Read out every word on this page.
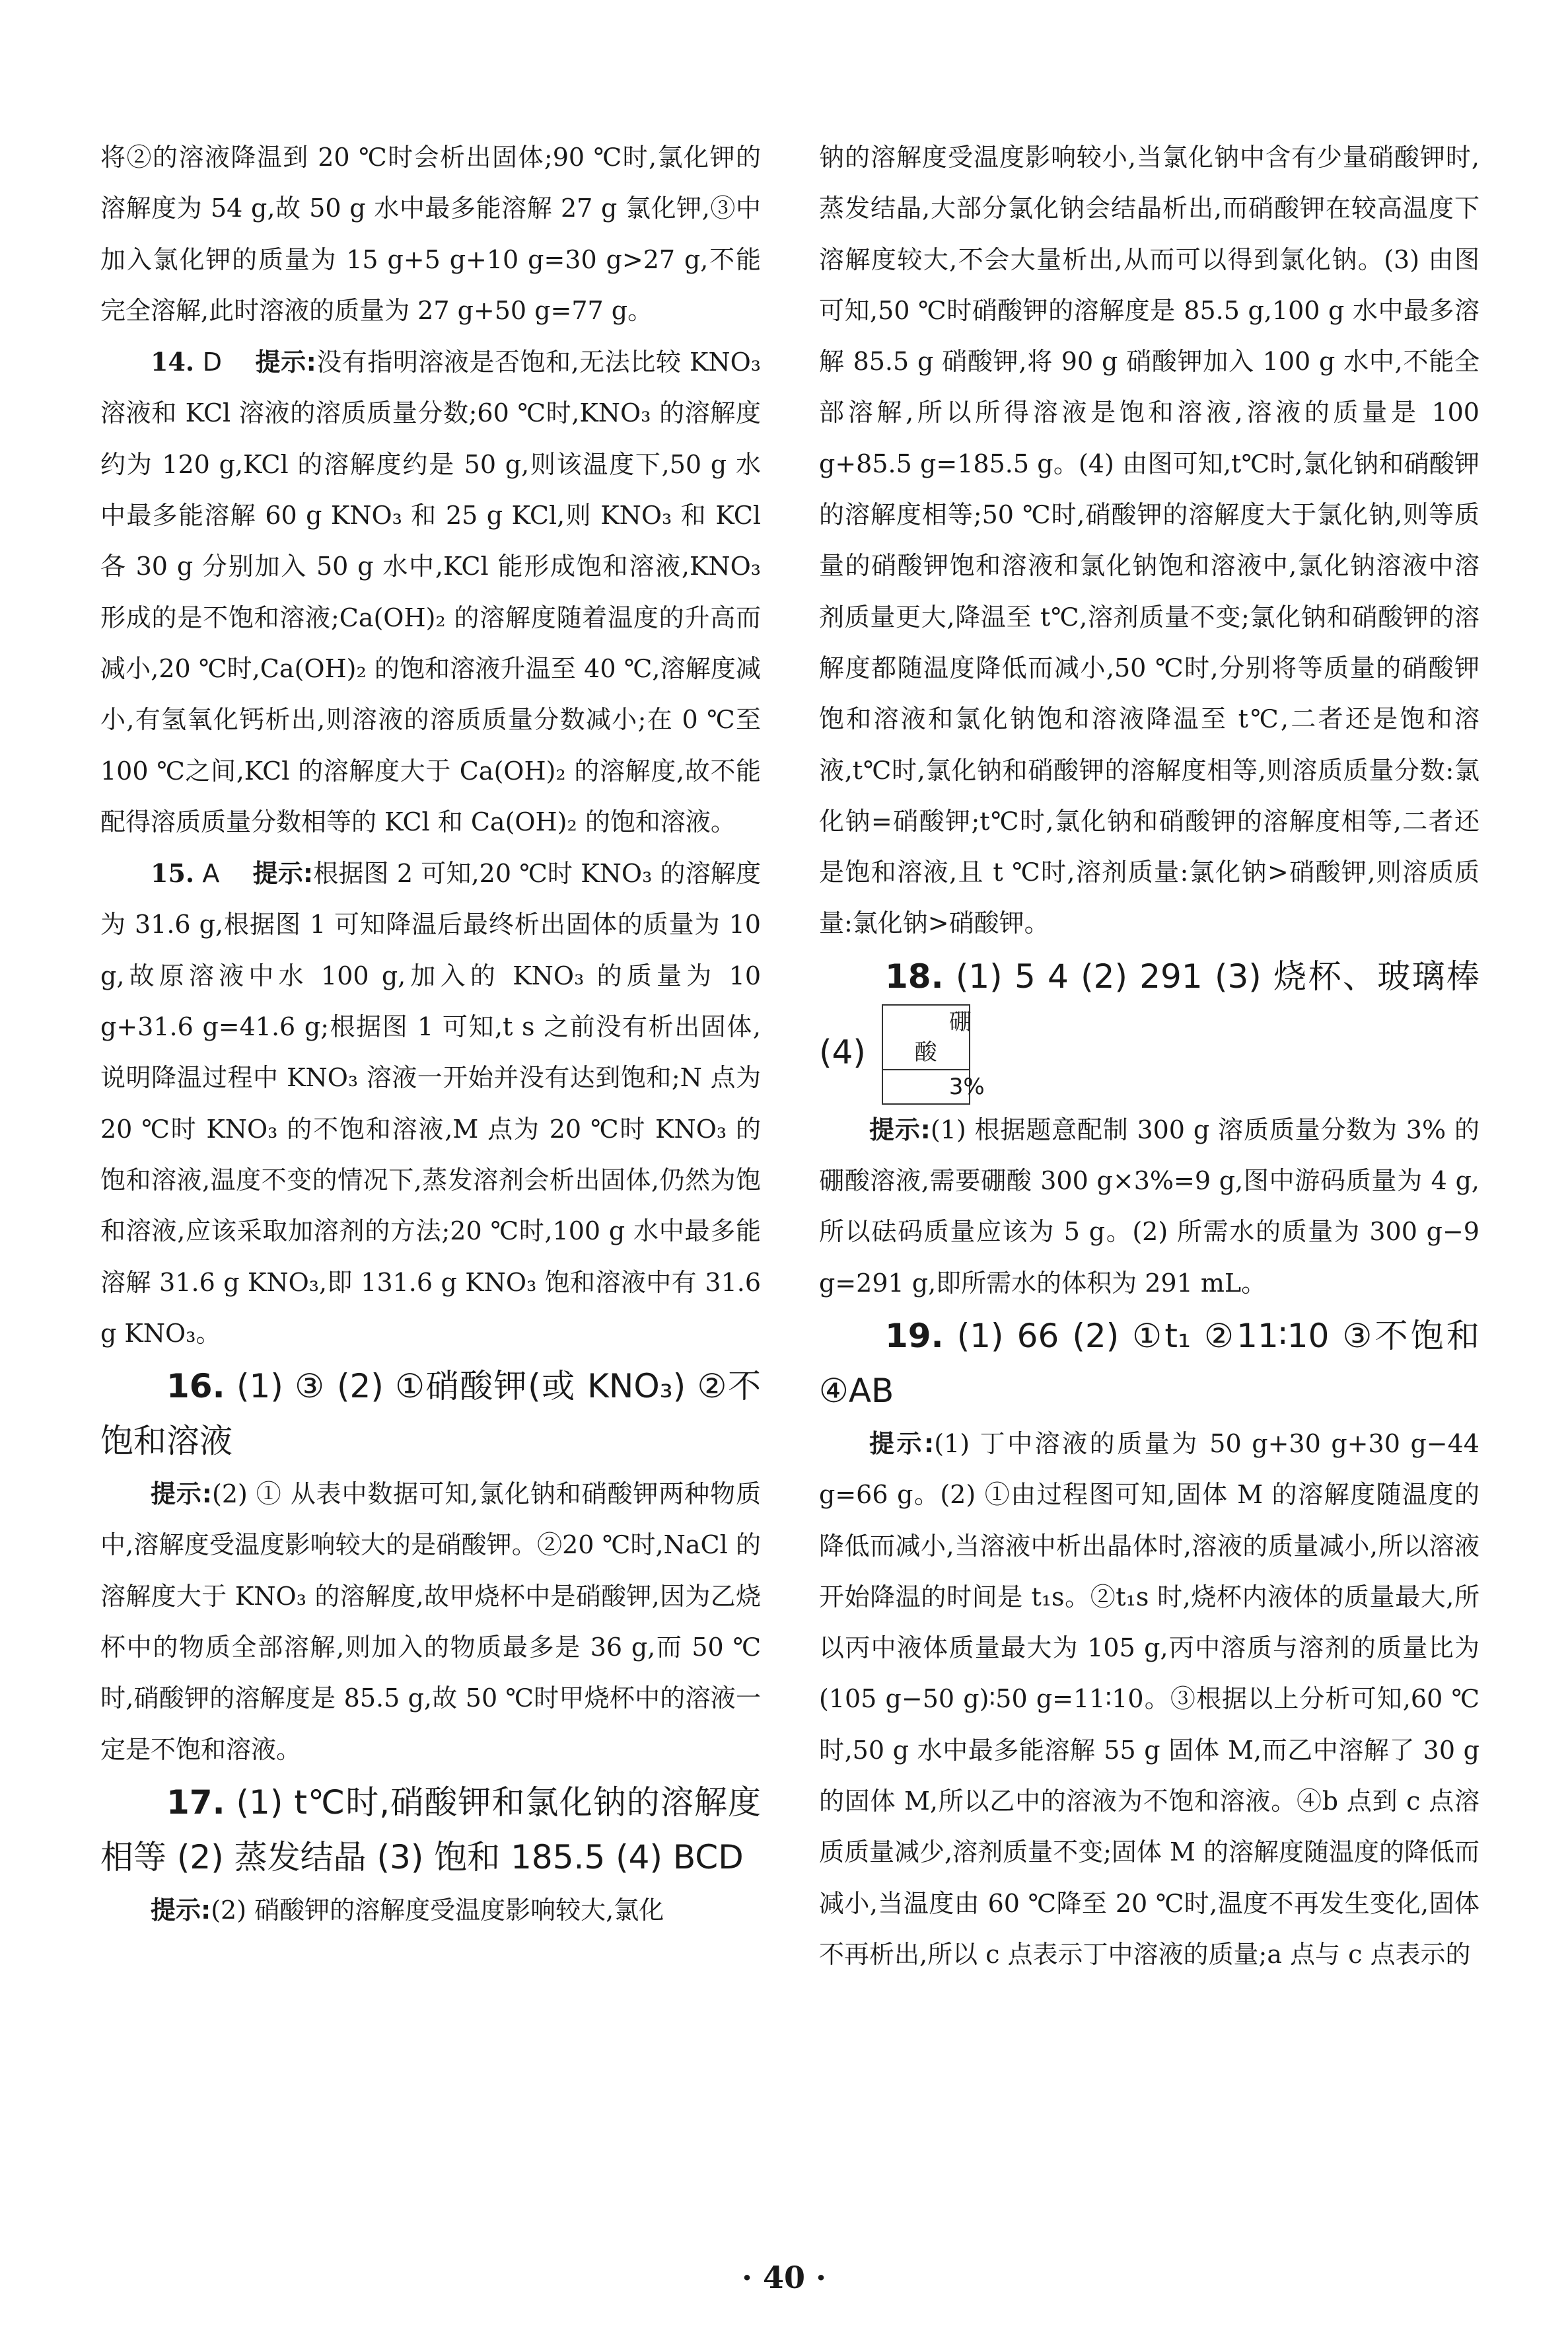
将②的溶液降温到 20 ℃时会析出固体;90 ℃时,氯化钾的溶解度为 54 g,故 50 g 水中最多能溶解 27 g 氯化钾,③中加入氯化钾的质量为 15 g+5 g+10 g=30 g>27 g,不能完全溶解,此时溶液的质量为 27 g+50 g=77 g。

14. D 提示:没有指明溶液是否饱和,无法比较 KNO₃ 溶液和 KCl 溶液的溶质质量分数;60 ℃时,KNO₃ 的溶解度约为 120 g,KCl 的溶解度约是 50 g,则该温度下,50 g 水中最多能溶解 60 g KNO₃ 和 25 g KCl,则 KNO₃ 和 KCl 各 30 g 分别加入 50 g 水中,KCl 能形成饱和溶液,KNO₃ 形成的是不饱和溶液;Ca(OH)₂ 的溶解度随着温度的升高而减小,20 ℃时,Ca(OH)₂ 的饱和溶液升温至 40 ℃,溶解度减小,有氢氧化钙析出,则溶液的溶质质量分数减小;在 0 ℃至 100 ℃之间,KCl 的溶解度大于 Ca(OH)₂ 的溶解度,故不能配得溶质质量分数相等的 KCl 和 Ca(OH)₂ 的饱和溶液。

15. A 提示:根据图 2 可知,20 ℃时 KNO₃ 的溶解度为 31.6 g,根据图 1 可知降温后最终析出固体的质量为 10 g,故原溶液中水 100 g,加入的 KNO₃ 的质量为 10 g+31.6 g=41.6 g;根据图 1 可知,t s 之前没有析出固体,说明降温过程中 KNO₃ 溶液一开始并没有达到饱和;N 点为 20 ℃时 KNO₃ 的不饱和溶液,M 点为 20 ℃时 KNO₃ 的饱和溶液,温度不变的情况下,蒸发溶剂会析出固体,仍然为饱和溶液,应该采取加溶剂的方法;20 ℃时,100 g 水中最多能溶解 31.6 g KNO₃,即 131.6 g KNO₃ 饱和溶液中有 31.6 g KNO₃。

16. (1) ③ (2) ①硝酸钾(或 KNO₃) ②不饱和溶液

提示:(2) ① 从表中数据可知,氯化钠和硝酸钾两种物质中,溶解度受温度影响较大的是硝酸钾。②20 ℃时,NaCl 的溶解度大于 KNO₃ 的溶解度,故甲烧杯中是硝酸钾,因为乙烧杯中的物质全部溶解,则加入的物质最多是 36 g,而 50 ℃时,硝酸钾的溶解度是 85.5 g,故 50 ℃时甲烧杯中的溶液一定是不饱和溶液。

17. (1) t℃时,硝酸钾和氯化钠的溶解度相等 (2) 蒸发结晶 (3) 饱和 185.5 (4) BCD

提示:(2) 硝酸钾的溶解度受温度影响较大,氯化

钠的溶解度受温度影响较小,当氯化钠中含有少量硝酸钾时,蒸发结晶,大部分氯化钠会结晶析出,而硝酸钾在较高温度下溶解度较大,不会大量析出,从而可以得到氯化钠。(3) 由图可知,50 ℃时硝酸钾的溶解度是 85.5 g,100 g 水中最多溶解 85.5 g 硝酸钾,将 90 g 硝酸钾加入 100 g 水中,不能全部溶解,所以所得溶液是饱和溶液,溶液的质量是 100 g+85.5 g=185.5 g。(4) 由图可知,t℃时,氯化钠和硝酸钾的溶解度相等;50 ℃时,硝酸钾的溶解度大于氯化钠,则等质量的硝酸钾饱和溶液和氯化钠饱和溶液中,氯化钠溶液中溶剂质量更大,降温至 t℃,溶剂质量不变;氯化钠和硝酸钾的溶解度都随温度降低而减小,50 ℃时,分别将等质量的硝酸钾饱和溶液和氯化钠饱和溶液降温至 t℃,二者还是饱和溶液,t℃时,氯化钠和硝酸钾的溶解度相等,则溶质质量分数:氯化钠=硝酸钾;t℃时,氯化钠和硝酸钾的溶解度相等,二者还是饱和溶液,且 t ℃时,溶剂质量:氯化钠>硝酸钾,则溶质质量:氯化钠>硝酸钾。

18. (1) 5 4 (2) 291 (3) 烧杯、玻璃棒 (4)
硼酸
3%

提示:(1) 根据题意配制 300 g 溶质质量分数为 3% 的硼酸溶液,需要硼酸 300 g×3%=9 g,图中游码质量为 4 g,所以砝码质量应该为 5 g。(2) 所需水的质量为 300 g−9 g=291 g,即所需水的体积为 291 mL。

19. (1) 66 (2) ①t₁ ②11∶10 ③不饱和 ④AB

提示:(1) 丁中溶液的质量为 50 g+30 g+30 g−44 g=66 g。(2) ①由过程图可知,固体 M 的溶解度随温度的降低而减小,当溶液中析出晶体时,溶液的质量减小,所以溶液开始降温的时间是 t₁s。②t₁s 时,烧杯内液体的质量最大,所以丙中液体质量最大为 105 g,丙中溶质与溶剂的质量比为 (105 g−50 g)∶50 g=11∶10。③根据以上分析可知,60 ℃时,50 g 水中最多能溶解 55 g 固体 M,而乙中溶解了 30 g 的固体 M,所以乙中的溶液为不饱和溶液。④b 点到 c 点溶质质量减少,溶剂质量不变;固体 M 的溶解度随温度的降低而减小,当温度由 60 ℃降至 20 ℃时,温度不再发生变化,固体不再析出,所以 c 点表示丁中溶液的质量;a 点与 c 点表示的

· 40 ·
